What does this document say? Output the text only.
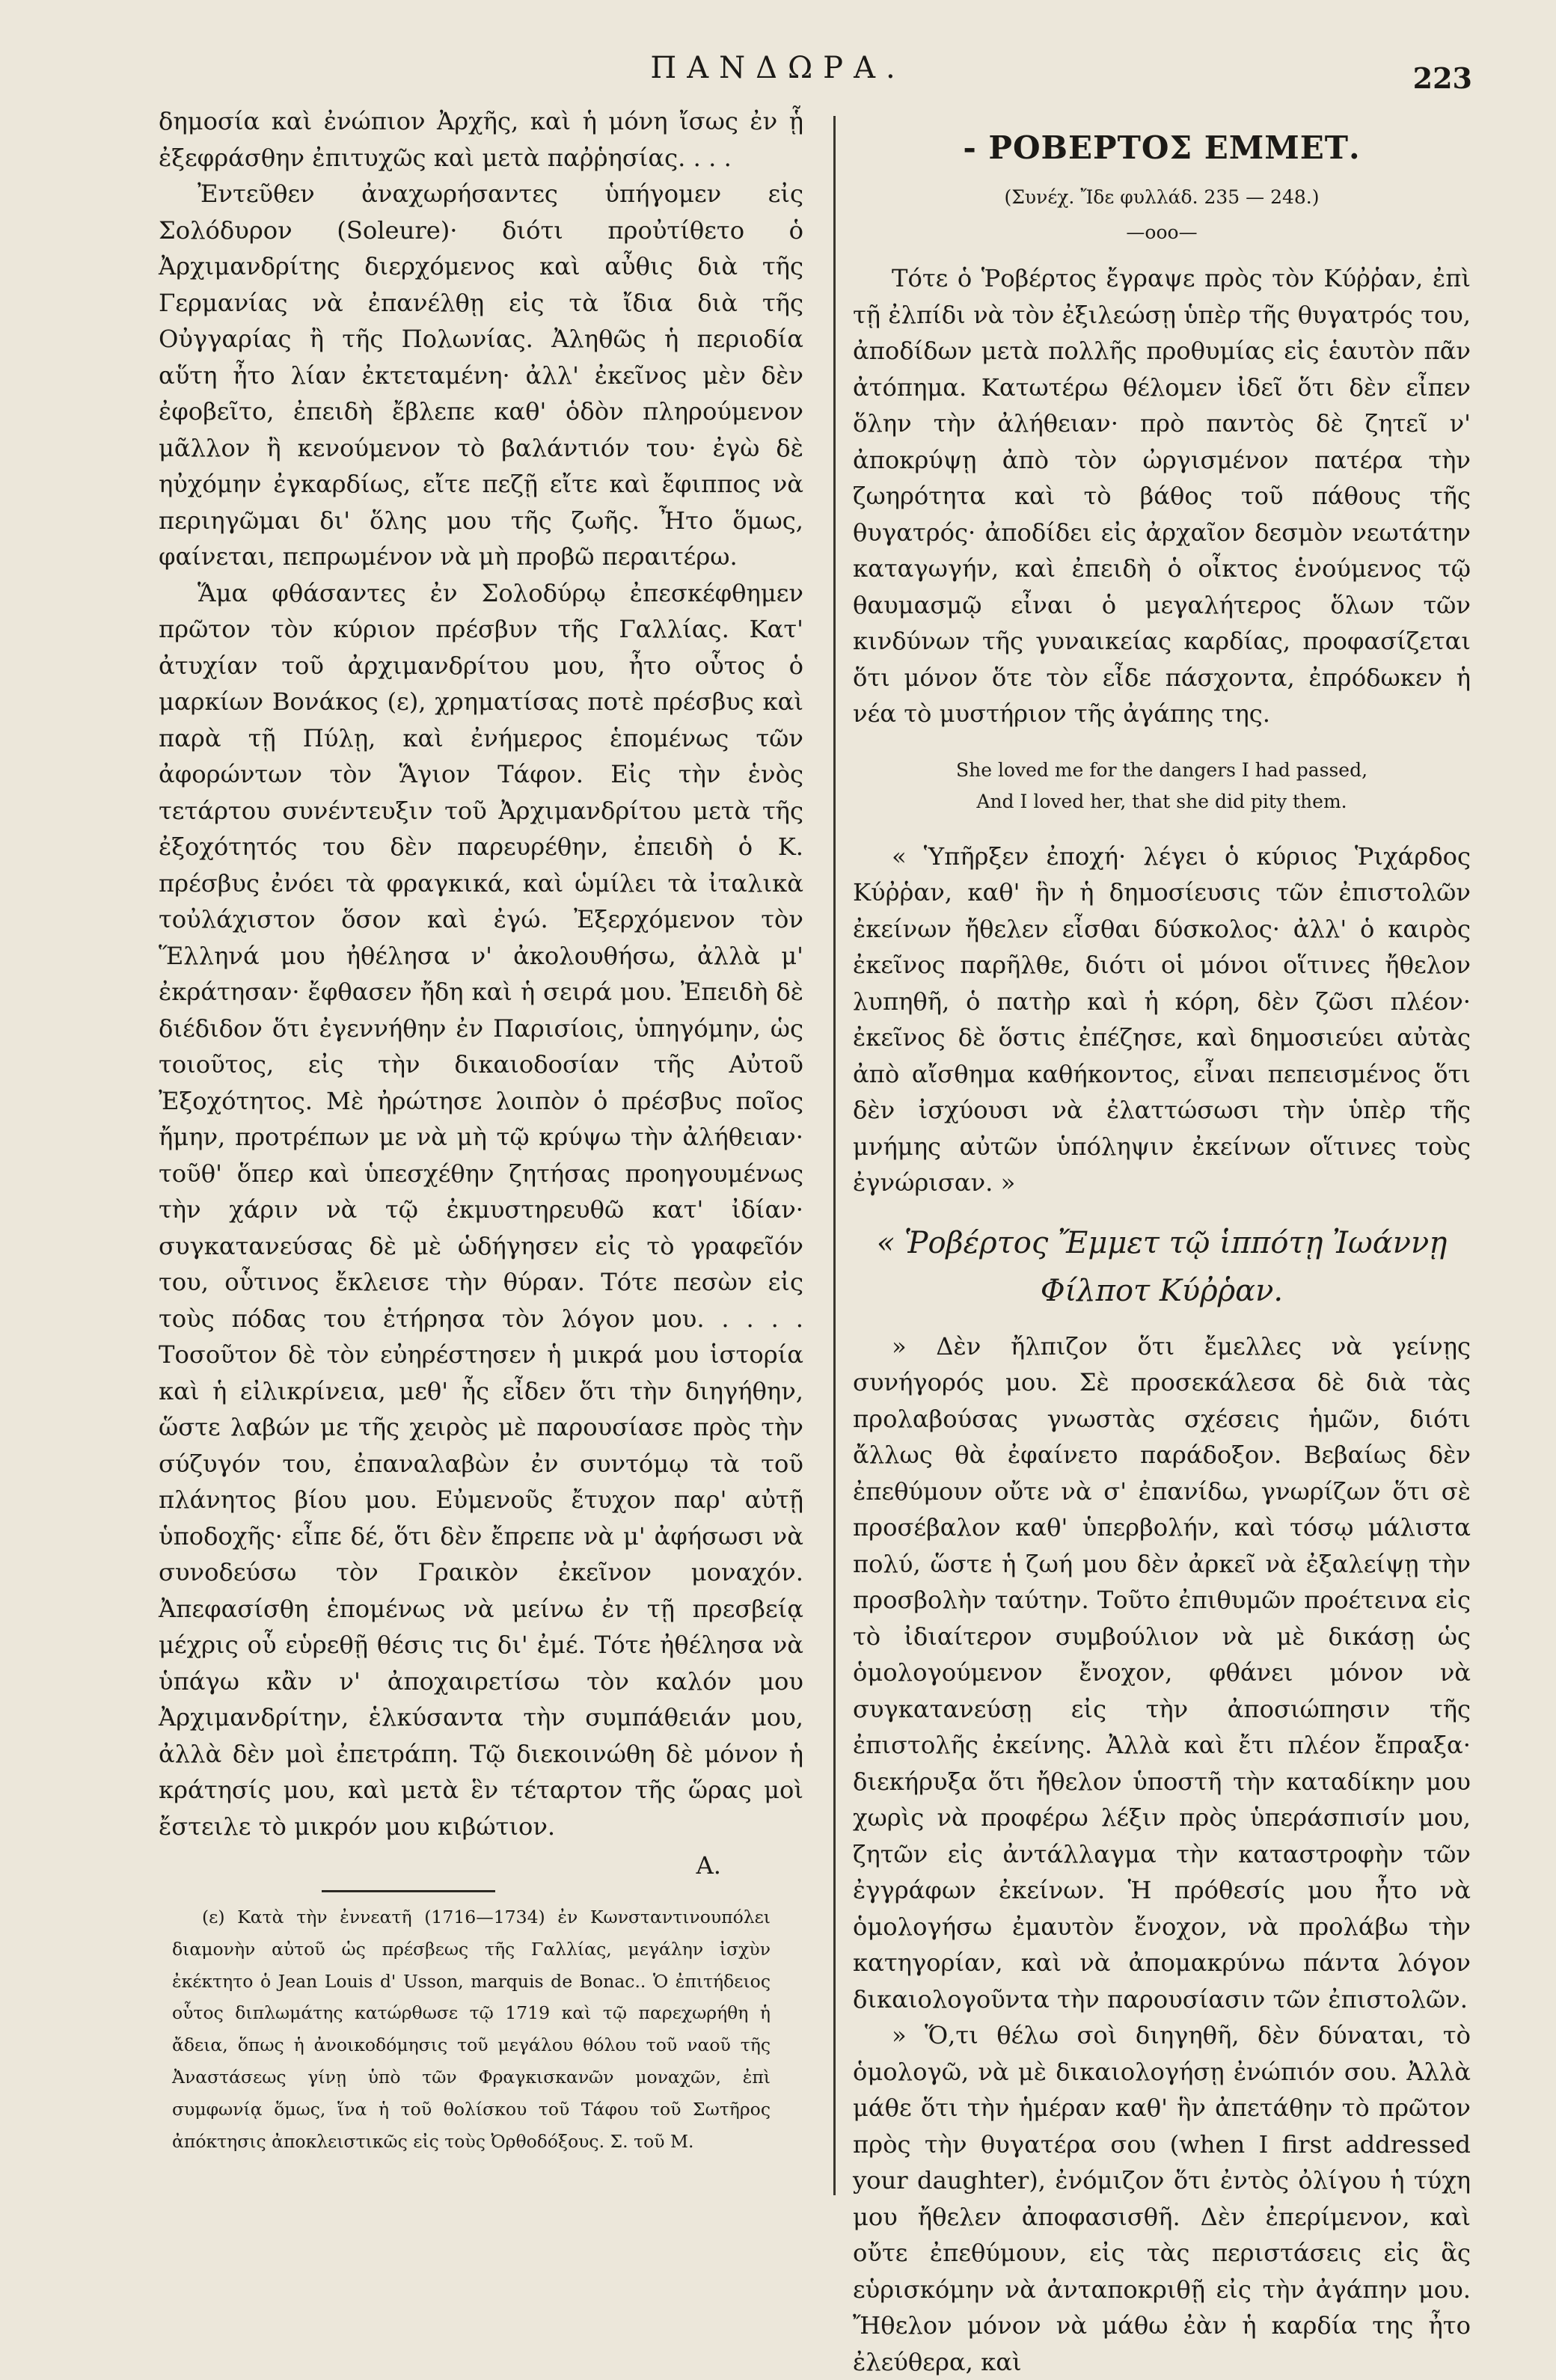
ΠΑΝΔΩΡΑ.	223

δημοσία καὶ ἐνώπιον Ἀρχῆς, καὶ ἡ μόνη ἴσως ἐν ᾗ ἐξεφράσθην ἐπιτυχῶς καὶ μετὰ παῤῥησίας. . . .

Ἐντεῦθεν ἀναχωρήσαντες ὑπήγομεν εἰς Σολόδυρον (Soleure)· διότι προὐτίθετο ὁ Ἀρχιμανδρίτης διερχόμενος καὶ αὖθις διὰ τῆς Γερμανίας νὰ ἐπανέλθῃ εἰς τὰ ἴδια διὰ τῆς Οὐγγαρίας ἢ τῆς Πολωνίας. Ἀληθῶς ἡ περιοδία αὕτη ἦτο λίαν ἐκτεταμένη· ἀλλ' ἐκεῖνος μὲν δὲν ἐφοβεῖτο, ἐπειδὴ ἔβλεπε καθ' ὁδὸν πληρούμενον μᾶλλον ἢ κενούμενον τὸ βαλάντιόν του· ἐγὼ δὲ ηὐχόμην ἐγκαρδίως, εἴτε πεζῇ εἴτε καὶ ἔφιππος νὰ περιηγῶμαι δι' ὅλης μου τῆς ζωῆς. Ἦτο ὅμως, φαίνεται, πεπρωμένον νὰ μὴ προβῶ περαιτέρω.

Ἅμα φθάσαντες ἐν Σολοδύρῳ ἐπεσκέφθημεν πρῶτον τὸν κύριον πρέσβυν τῆς Γαλλίας. Κατ' ἀτυχίαν τοῦ ἀρχιμανδρίτου μου, ἦτο οὗτος ὁ μαρκίων Βονάκος (ε), χρηματίσας ποτὲ πρέσβυς καὶ παρὰ τῇ Πύλῃ, καὶ ἐνήμερος ἑπομένως τῶν ἀφορώντων τὸν Ἅγιον Τάφον. Εἰς τὴν ἑνὸς τετάρτου συνέντευξιν τοῦ Ἀρχιμανδρίτου μετὰ τῆς ἐξοχότητός του δὲν παρευρέθην, ἐπειδὴ ὁ Κ. πρέσβυς ἐνόει τὰ φραγκικά, καὶ ὡμίλει τὰ ἰταλικὰ τοὐλάχιστον ὅσον καὶ ἐγώ. Ἐξερχόμενον τὸν Ἕλληνά μου ἠθέλησα ν' ἀκολουθήσω, ἀλλὰ μ' ἐκράτησαν· ἔφθασεν ἤδη καὶ ἡ σειρά μου. Ἐπειδὴ δὲ διέδιδον ὅτι ἐγεννήθην ἐν Παρισίοις, ὑπηγόμην, ὡς τοιοῦτος, εἰς τὴν δικαιοδοσίαν τῆς Αὐτοῦ Ἐξοχότητος. Μὲ ἠρώτησε λοιπὸν ὁ πρέσβυς ποῖος ἤμην, προτρέπων με νὰ μὴ τῷ κρύψω τὴν ἀλήθειαν· τοῦθ' ὅπερ καὶ ὑπεσχέθην ζητήσας προηγουμένως τὴν χάριν νὰ τῷ ἐκμυστηρευθῶ κατ' ἰδίαν· συγκατανεύσας δὲ μὲ ὡδήγησεν εἰς τὸ γραφεῖόν του, οὗτινος ἔκλεισε τὴν θύραν. Τότε πεσὼν εἰς τοὺς πόδας του ἐτήρησα τὸν λόγον μου. . . . . Τοσοῦτον δὲ τὸν εὐηρέστησεν ἡ μικρά μου ἱστορία καὶ ἡ εἰλικρίνεια, μεθ' ἧς εἶδεν ὅτι τὴν διηγήθην, ὥστε λαβών με τῆς χειρὸς μὲ παρουσίασε πρὸς τὴν σύζυγόν του, ἐπαναλαβὼν ἐν συντόμῳ τὰ τοῦ πλάνητος βίου μου. Εὐμενοῦς ἔτυχον παρ' αὐτῇ ὑποδοχῆς· εἶπε δέ, ὅτι δὲν ἔπρεπε νὰ μ' ἀφήσωσι νὰ συνοδεύσω τὸν Γραικὸν ἐκεῖνον μοναχόν. Ἀπεφασίσθη ἑπομένως νὰ μείνω ἐν τῇ πρεσβείᾳ μέχρις οὗ εὑρεθῇ θέσις τις δι' ἐμέ. Τότε ἠθέλησα νὰ ὑπάγω κἂν ν' ἀποχαιρετίσω τὸν καλόν μου Ἀρχιμανδρίτην, ἑλκύσαντα τὴν συμπάθειάν μου, ἀλλὰ δὲν μοὶ ἐπετράπη. Τῷ διεκοινώθη δὲ μόνον ἡ κράτησίς μου, καὶ μετὰ ἓν τέταρτον τῆς ὥρας μοὶ ἔστειλε τὸ μικρόν μου κιβώτιον.

Α.
(ε) Κατὰ τὴν ἐννεατῆ (1716—1734) ἐν Κωνσταντινουπόλει διαμονὴν αὐτοῦ ὡς πρέσβεως τῆς Γαλλίας, μεγάλην ἰσχὺν ἐκέκτητο ὁ Jean Louis d' Usson, marquis de Bonac.. Ὁ ἐπιτήδειος οὗτος διπλωμάτης κατώρθωσε τῷ 1719 καὶ τῷ παρεχωρήθη ἡ ἄδεια, ὅπως ἡ ἀνοικοδόμησις τοῦ μεγάλου θόλου τοῦ ναοῦ τῆς Ἀναστάσεως γίνῃ ὑπὸ τῶν Φραγκισκανῶν μοναχῶν, ἐπὶ συμφωνίᾳ ὅμως, ἵνα ἡ τοῦ θολίσκου τοῦ Τάφου τοῦ Σωτῆρος ἀπόκτησις ἀποκλειστικῶς εἰς τοὺς Ὀρθοδόξους. Σ. τοῦ Μ.
- ΡΟΒΕΡΤΟΣ ΕΜΜΕΤ.
(Συνέχ. Ἴδε φυλλάδ. 235 — 248.)
—οοο—

Τότε ὁ Ῥοβέρτος ἔγραψε πρὸς τὸν Κύῤῥαν, ἐπὶ τῇ ἐλπίδι νὰ τὸν ἐξιλεώσῃ ὑπὲρ τῆς θυγατρός του, ἀποδίδων μετὰ πολλῆς προθυμίας εἰς ἑαυτὸν πᾶν ἀτόπημα. Κατωτέρω θέλομεν ἰδεῖ ὅτι δὲν εἶπεν ὅλην τὴν ἀλήθειαν· πρὸ παντὸς δὲ ζητεῖ ν' ἀποκρύψῃ ἀπὸ τὸν ὠργισμένον πατέρα τὴν ζωηρότητα καὶ τὸ βάθος τοῦ πάθους τῆς θυγατρός· ἀποδίδει εἰς ἀρχαῖον δεσμὸν νεωτάτην καταγωγήν, καὶ ἐπειδὴ ὁ οἶκτος ἑνούμενος τῷ θαυμασμῷ εἶναι ὁ μεγαλήτερος ὅλων τῶν κινδύνων τῆς γυναικείας καρδίας, προφασίζεται ὅτι μόνον ὅτε τὸν εἶδε πάσχοντα, ἐπρόδωκεν ἡ νέα τὸ μυστήριον τῆς ἀγάπης της.

She loved me for the dangers I had passed,
And I loved her, that she did pity them.

« Ὑπῆρξεν ἐποχή· λέγει ὁ κύριος Ῥιχάρδος Κύῤῥαν, καθ' ἣν ἡ δημοσίευσις τῶν ἐπιστολῶν ἐκείνων ἤθελεν εἶσθαι δύσκολος· ἀλλ' ὁ καιρὸς ἐκεῖνος παρῆλθε, διότι οἱ μόνοι οἵτινες ἤθελον λυπηθῆ, ὁ πατὴρ καὶ ἡ κόρη, δὲν ζῶσι πλέον· ἐκεῖνος δὲ ὅστις ἐπέζησε, καὶ δημοσιεύει αὐτὰς ἀπὸ αἴσθημα καθήκοντος, εἶναι πεπεισμένος ὅτι δὲν ἰσχύουσι νὰ ἐλαττώσωσι τὴν ὑπὲρ τῆς μνήμης αὐτῶν ὑπόληψιν ἐκείνων οἵτινες τοὺς ἐγνώρισαν. »

« Ῥοβέρτος Ἔμμετ τῷ ἱππότῃ Ἰωάννῃ
Φίλποτ Κύῤῥαν.

» Δὲν ἤλπιζον ὅτι ἔμελλες νὰ γείνῃς συνήγορός μου. Σὲ προσεκάλεσα δὲ διὰ τὰς προλαβούσας γνωστὰς σχέσεις ἡμῶν, διότι ἄλλως θὰ ἐφαίνετο παράδοξον. Βεβαίως δὲν ἐπεθύμουν οὔτε νὰ σ' ἐπανίδω, γνωρίζων ὅτι σὲ προσέβαλον καθ' ὑπερβολήν, καὶ τόσῳ μάλιστα πολύ, ὥστε ἡ ζωή μου δὲν ἀρκεῖ νὰ ἐξαλείψῃ τὴν προσβολὴν ταύτην. Τοῦτο ἐπιθυμῶν προέτεινα εἰς τὸ ἰδιαίτερον συμβούλιον νὰ μὲ δικάσῃ ὡς ὁμολογούμενον ἔνοχον, φθάνει μόνον νὰ συγκατανεύσῃ εἰς τὴν ἀποσιώπησιν τῆς ἐπιστολῆς ἐκείνης. Ἀλλὰ καὶ ἔτι πλέον ἔπραξα· διεκήρυξα ὅτι ἤθελον ὑποστῆ τὴν καταδίκην μου χωρὶς νὰ προφέρω λέξιν πρὸς ὑπεράσπισίν μου, ζητῶν εἰς ἀντάλλαγμα τὴν καταστροφὴν τῶν ἐγγράφων ἐκείνων. Ἡ πρόθεσίς μου ἦτο νὰ ὁμολογήσω ἐμαυτὸν ἔνοχον, νὰ προλάβω τὴν κατηγορίαν, καὶ νὰ ἀπομακρύνω πάντα λόγον δικαιολογοῦντα τὴν παρουσίασιν τῶν ἐπιστολῶν.

» Ὅ,τι θέλω σοὶ διηγηθῆ, δὲν δύναται, τὸ ὁμολογῶ, νὰ μὲ δικαιολογήσῃ ἐνώπιόν σου. Ἀλλὰ μάθε ὅτι τὴν ἡμέραν καθ' ἣν ἀπετάθην τὸ πρῶτον πρὸς τὴν θυγατέρα σου (when I first addressed your daughter), ἐνόμιζον ὅτι ἐντὸς ὀλίγου ἡ τύχη μου ἤθελεν ἀποφασισθῆ. Δὲν ἐπερίμενον, καὶ οὔτε ἐπεθύμουν, εἰς τὰς περιστάσεις εἰς ἃς εὑρισκόμην νὰ ἀνταποκριθῇ εἰς τὴν ἀγάπην μου. Ἤθελον μόνον νὰ μάθω ἐὰν ἡ καρδία της ἦτο ἐλεύθερα, καὶ
